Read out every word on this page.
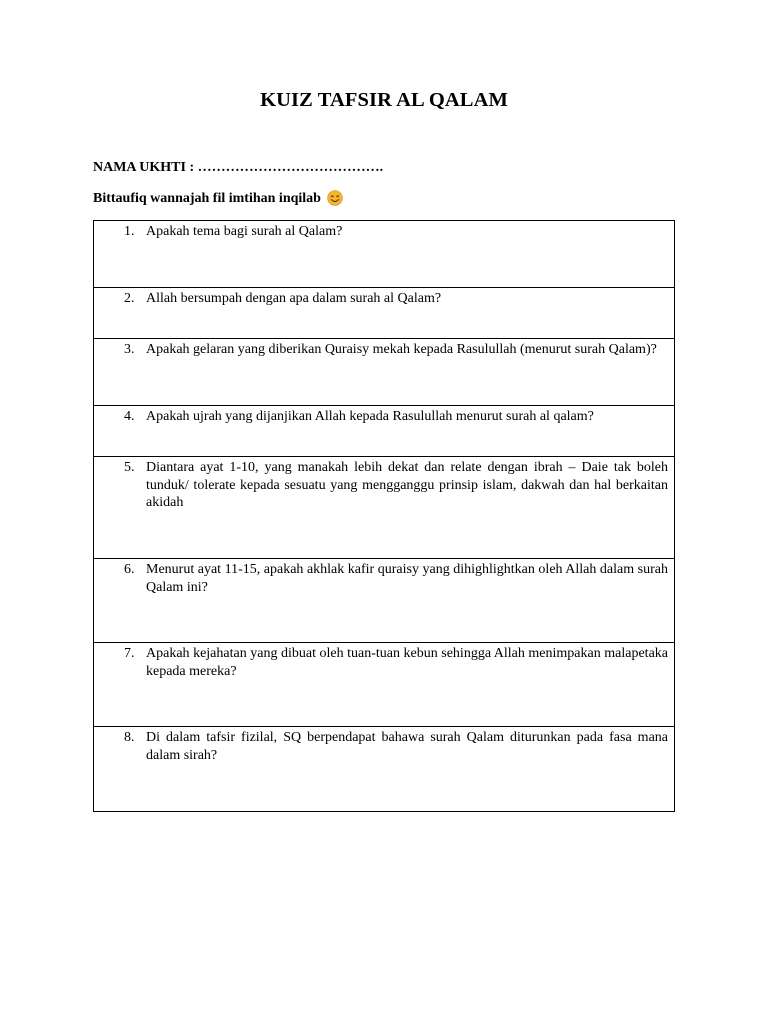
KUIZ TAFSIR AL QALAM
NAMA UKHTI : ………………………………….
Bittaufiq wannajah fil imtihan inqilab
1. Apakah tema bagi surah al Qalam?

2. Allah bersumpah dengan apa dalam surah al Qalam?

3. Apakah gelaran yang diberikan Quraisy mekah kepada Rasulullah (menurut surah Qalam)?

4. Apakah ujrah yang dijanjikan Allah kepada Rasulullah menurut surah al qalam?

5. Diantara ayat 1-10, yang manakah lebih dekat dan relate dengan ibrah – Daie tak boleh tunduk/ tolerate kepada sesuatu yang mengganggu prinsip islam, dakwah dan hal berkaitan akidah

6. Menurut ayat 11-15, apakah akhlak kafir quraisy yang dihighlightkan oleh Allah dalam surah Qalam ini?

7. Apakah kejahatan yang dibuat oleh tuan-tuan kebun sehingga Allah menimpakan malapetaka kepada mereka?

8. Di dalam tafsir fizilal, SQ berpendapat bahawa surah Qalam diturunkan pada fasa mana dalam sirah?
